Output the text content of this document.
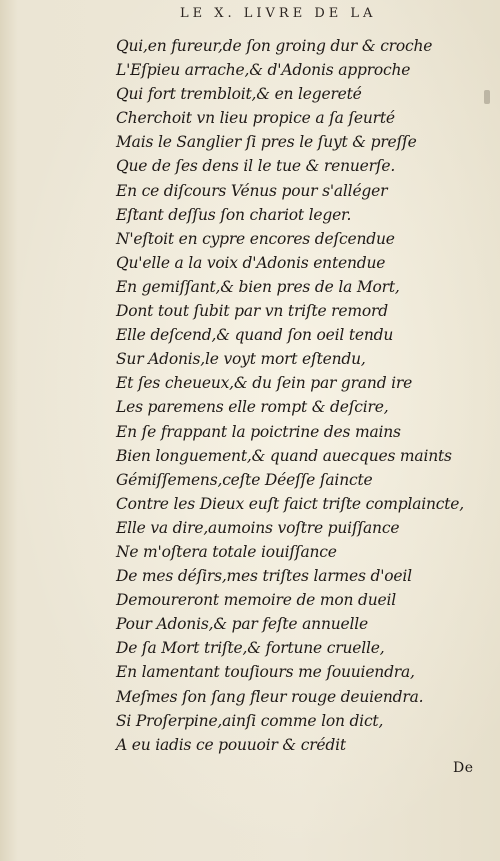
LE X. LIVRE DE LA
Qui,en fureur,de ſon groing dur & croche
L'Eſpieu arrache,& d'Adonis approche
Qui fort trembloit,& en legereté
Cherchoit vn lieu propice a ſa ſeurté
Mais le Sanglier ſi pres le ſuyt & preſſe
Que de ſes dens il le tue & renuerſe.
En ce diſcours Vénus pour s'alléger
Eſtant deſſus ſon chariot leger.
N'eſtoit en cypre encores deſcendue
Qu'elle a la voix d'Adonis entendue
En gemiſſant,& bien pres de la Mort,
Dont tout ſubit par vn triſte remord
Elle deſcend,& quand ſon oeil tendu
Sur Adonis,le voyt mort eſtendu,
Et ſes cheueux,& du ſein par grand ire
Les paremens elle rompt & deſcire,
En ſe frappant la poictrine des mains
Bien longuement,& quand auecques maints
Gémiſſemens,ceſte Déeſſe ſaincte
Contre les Dieux euſt faict triſte complaincte,
Elle va dire,aumoins voſtre puiſſance
Ne m'oſtera totale iouiſſance
De mes déſirs,mes triſtes larmes d'oeil
Demoureront memoire de mon dueil
Pour Adonis,& par feſte annuelle
De ſa Mort triſte,& fortune cruelle,
En lamentant touſiours me ſouuiendra,
Meſmes ſon ſang fleur rouge deuiendra.
Si Proſerpine,ainſi comme lon dict,
A eu iadis ce pouuoir & crédit
De
